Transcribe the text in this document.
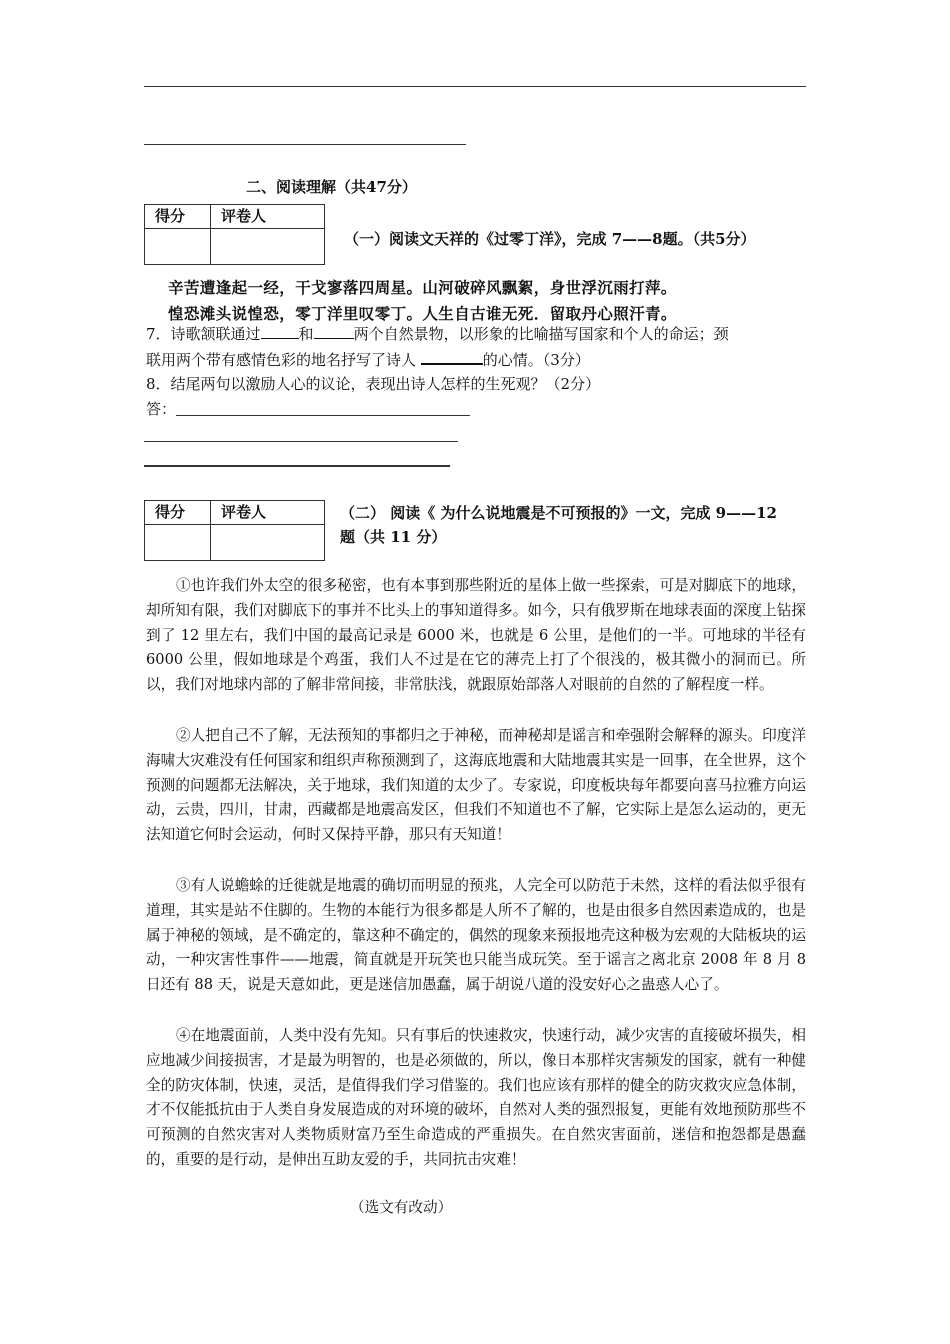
二、阅读理解（共47分）
得分	评卷人

（一）阅读文天祥的《过零丁洋》，完成 7——8题。（共5分）
辛苦遭逢起一经，干戈寥落四周星。山河破碎风飘絮，身世浮沉雨打萍。
惶恐滩头说惶恐，零丁洋里叹零丁。人生自古谁无死．留取丹心照汗青。
7．诗歌颔联通过	和	两个自然景物，以形象的比喻描写国家和个人的命运；颈
联用两个带有感情色彩的地名抒写了诗人	的心情。（3分）
8．结尾两句以激励人心的议论，表现出诗人怎样的生死观？（2分）
答：
得分	评卷人
		（二） 阅读《 为什么说地震是不可预报的》一文，完成 9——12
题（共 11 分）

①也许我们外太空的很多秘密，也有本事到那些附近的星体上做一些探索，可是对脚底下的地球，却所知有限，我们对脚底下的事并不比头上的事知道得多。如今，只有俄罗斯在地球表面的深度上钻探到了 12 里左右，我们中国的最高记录是 6000 米，也就是 6 公里，是他们的一半。可地球的半径有 6000 公里，假如地球是个鸡蛋，我们人不过是在它的薄壳上打了个很浅的，极其微小的洞而已。所以，我们对地球内部的了解非常间接，非常肤浅，就跟原始部落人对眼前的自然的了解程度一样。

②人把自己不了解，无法预知的事都归之于神秘，而神秘却是谣言和牵强附会解释的源头。印度洋海啸大灾难没有任何国家和组织声称预测到了，这海底地震和大陆地震其实是一回事，在全世界，这个预测的问题都无法解决，关于地球，我们知道的太少了。专家说，印度板块每年都要向喜马拉雅方向运动，云贵，四川，甘肃，西藏都是地震高发区，但我们不知道也不了解，它实际上是怎么运动的，更无法知道它何时会运动，何时又保持平静，那只有天知道！

③有人说蟾蜍的迁徙就是地震的确切而明显的预兆，人完全可以防范于未然，这样的看法似乎很有道理，其实是站不住脚的。生物的本能行为很多都是人所不了解的，也是由很多自然因素造成的，也是属于神秘的领域，是不确定的，靠这种不确定的，偶然的现象来预报地壳这种极为宏观的大陆板块的运动，一种灾害性事件——地震，简直就是开玩笑也只能当成玩笑。至于谣言之离北京 2008 年 8 月 8 日还有 88 天，说是天意如此，更是迷信加愚蠢，属于胡说八道的没安好心之蛊惑人心了。

④在地震面前，人类中没有先知。只有事后的快速救灾，快速行动，减少灾害的直接破坏损失，相应地减少间接损害，才是最为明智的，也是必须做的，所以，像日本那样灾害频发的国家，就有一种健全的防灾体制，快速，灵活，是值得我们学习借鉴的。我们也应该有那样的健全的防灾救灾应急体制，才不仅能抵抗由于人类自身发展造成的对环境的破坏，自然对人类的强烈报复，更能有效地预防那些不可预测的自然灾害对人类物质财富乃至生命造成的严重损失。在自然灾害面前，迷信和抱怨都是愚蠢的，重要的是行动，是伸出互助友爱的手，共同抗击灾难！

（选文有改动）
